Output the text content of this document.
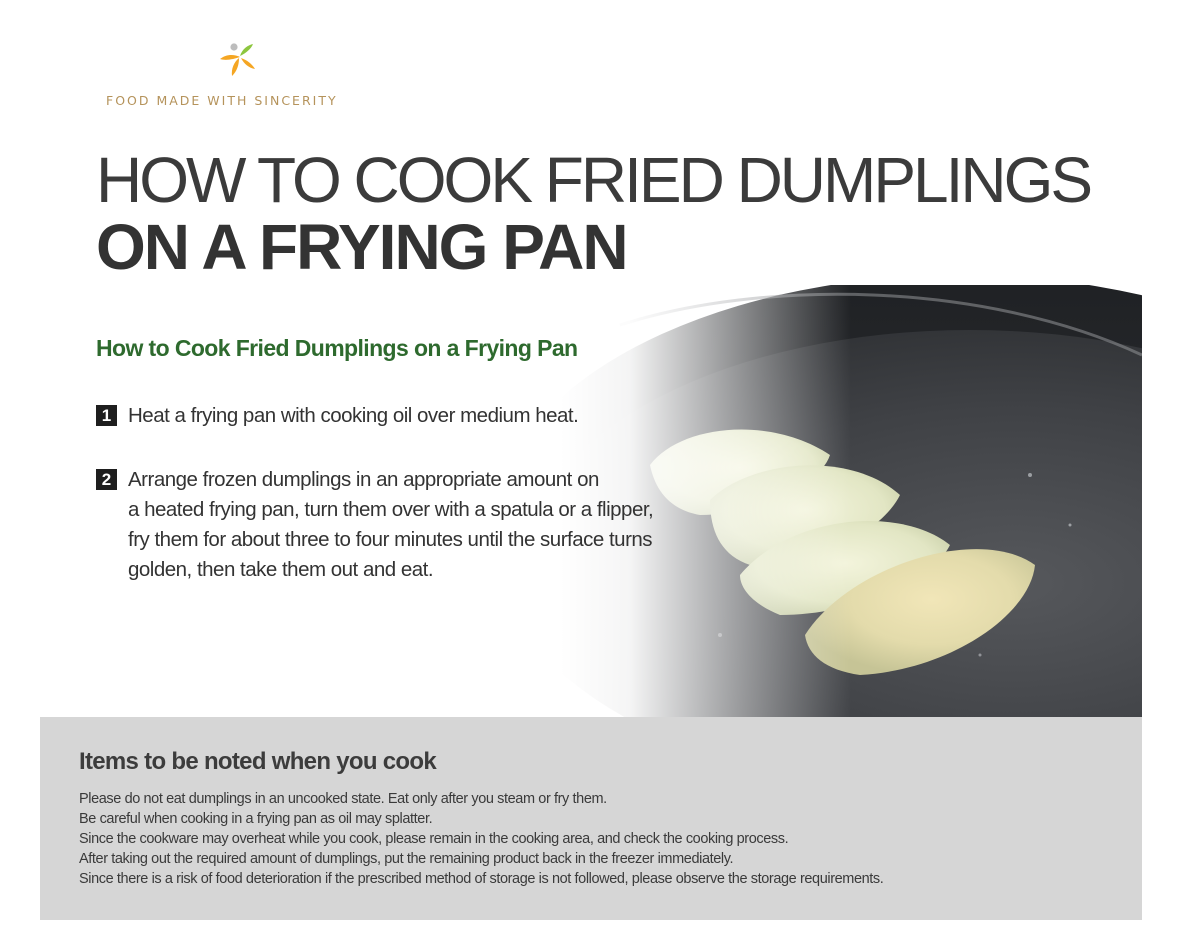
FOOD MADE WITH SINCERITY
HOW TO COOK FRIED DUMPLINGS
ON A FRYING PAN
How to Cook Fried Dumplings on a Frying Pan
1 Heat a frying pan with cooking oil over medium heat.
2 Arrange frozen dumplings in an appropriate amount on
a heated frying pan, turn them over with a spatula or a flipper,
fry them for about three to four minutes until the surface turns
golden, then take them out and eat.
Items to be noted when you cook
Please do not eat dumplings in an uncooked state. Eat only after you steam or fry them.
Be careful when cooking in a frying pan as oil may splatter.
Since the cookware may overheat while you cook, please remain in the cooking area, and check the cooking process.
After taking out the required amount of dumplings, put the remaining product back in the freezer immediately.
Since there is a risk of food deterioration if the prescribed method of storage is not followed, please observe the storage requirements.
